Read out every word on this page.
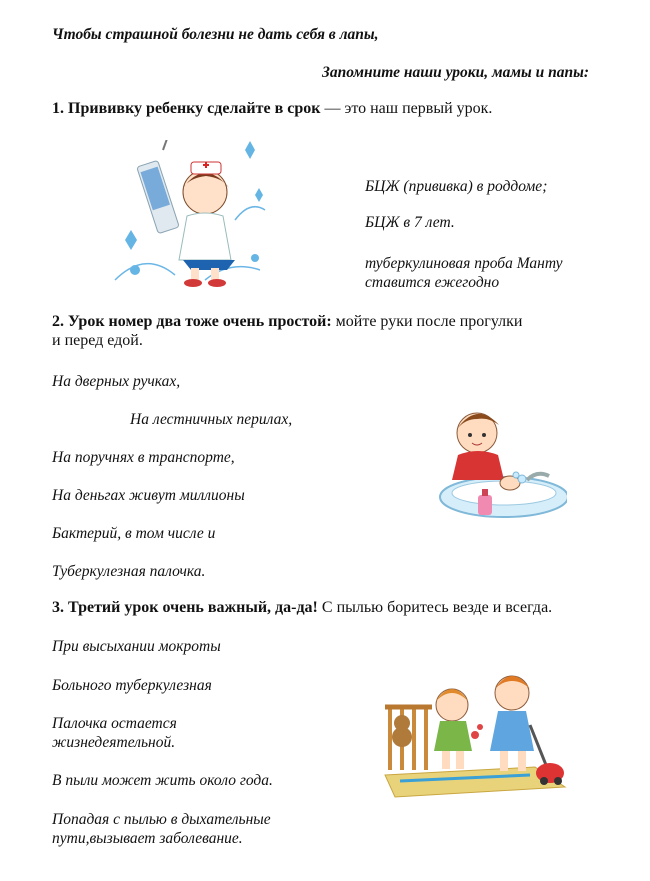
Чтобы страшной болезни не дать себя в лапы,
Запомните наши уроки, мамы и папы:
1. Прививку ребенку сделайте в срок — это наш первый урок.
БЦЖ (прививка) в роддоме;
БЦЖ в 7 лет.
туберкулиновая проба Манту
ставится ежегодно
2. Урок номер два тоже очень простой: мойте руки после прогулки
и перед едой.
На дверных ручках,
На лестничных перилах,
На поручнях в транспорте,
На деньгах живут миллионы
Бактерий, в том числе и
Туберкулезная палочка.
3. Третий урок очень важный, да-да! С пылью боритесь везде и всегда.
При высыхании мокроты
Больного туберкулезная
Палочка остается
жизнедеятельной.
В пыли может жить около года.
Попадая с пылью в дыхательные
пути,вызывает заболевание.
